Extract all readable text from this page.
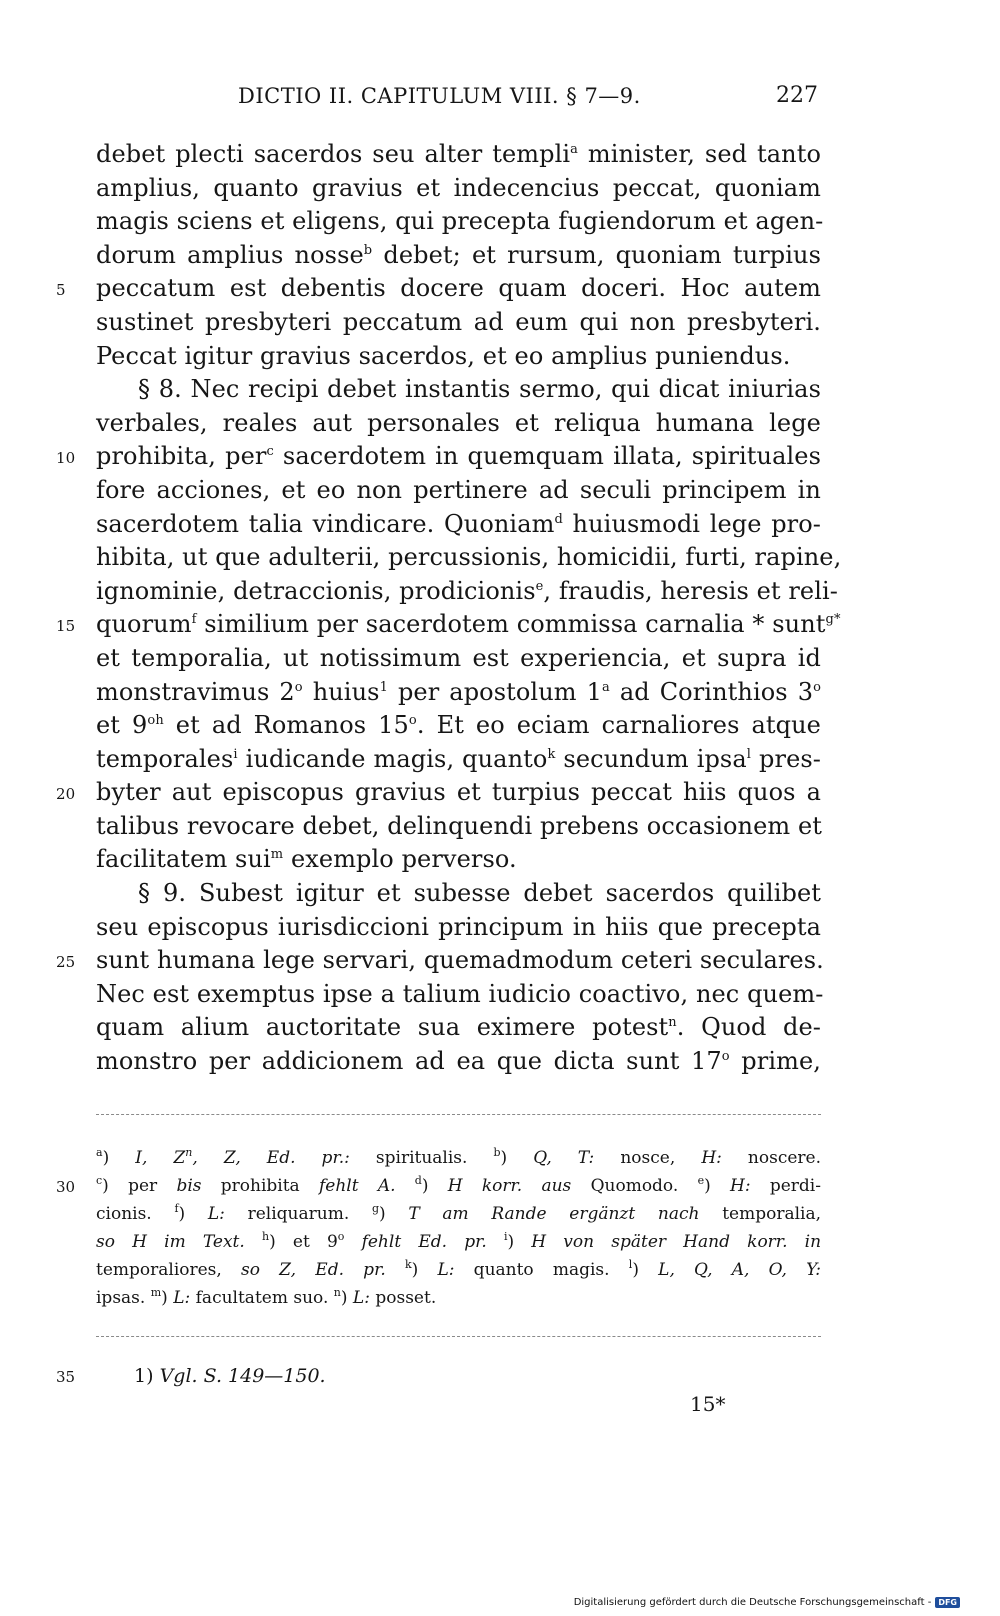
DICTIO II. CAPITULUM VIII. § 7—9.	227
debet plecti sacerdos seu alter templi$^a$ minister, sed tanto
amplius, quanto gravius et indecencius peccat, quoniam
magis sciens et eligens, qui precepta fugiendorum et agen-
dorum amplius nosse$^b$ debet; et rursum, quoniam turpius
peccatum est debentis docere quam doceri. Hoc autem
5
sustinet presbyteri peccatum ad eum qui non presbyteri.
Peccat igitur gravius sacerdos, et eo amplius puniendus.
§ 8. Nec recipi debet instantis sermo, qui dicat iniurias
verbales, reales aut personales et reliqua humana lege
prohibita, per$^c$ sacerdotem in quemquam illata, spirituales
10
fore acciones, et eo non pertinere ad seculi principem in
sacerdotem talia vindicare. Quoniam$^d$ huiusmodi lege pro-
hibita, ut que adulterii, percussionis, homicidii, furti, rapine,
ignominie, detraccionis, prodicionis$^e$, fraudis, heresis et reli-
quorum$^f$ similium per sacerdotem commissa carnalia * sunt$^{g*}$
15
et temporalia, ut notissimum est experiencia, et supra id
monstravimus 2$^o$ huius$^1$ per apostolum 1$^a$ ad Corinthios 3$^o$
et $9^{oh}$ et ad Romanos 15$^o$. Et eo eciam carnaliores atque
temporales$^i$ iudicande magis, quanto$^k$ secundum ipsa$^l$ pres-
byter aut episcopus gravius et turpius peccat hiis quos a
20
talibus revocare debet, delinquendi prebens occasionem et
facilitatem sui$^m$ exemplo perverso.
§ 9. Subest igitur et subesse debet sacerdos quilibet
seu episcopus iurisdiccioni principum in hiis que precepta
sunt humana lege servari, quemadmodum ceteri seculares.
25
Nec est exemptus ipse a talium iudicio coactivo, nec quem-
quam alium auctoritate sua eximere potest$^n$. Quod de-
monstro per addicionem ad ea que dicta sunt 17$^o$ prime,
$^a$) I, $Z^n$, Z, Ed. pr.: spiritualis. $^b$) Q, T: nosce, H: noscere.
30	$^c$) per bis prohibita fehlt A. $^d$) H korr. aus Quomodo. $^e$) H: perdi-
cionis. $^f$) L: reliquarum. $^g$) T am Rande ergänzt nach temporalia,
so H im Text. $^h$) et 9$^o$ fehlt Ed. pr. $^i$) H von später Hand korr. in
temporaliores, so Z, Ed. pr. $^k$) L: quanto magis. $^l$) L, Q, A, O, Y:
ipsas. $^m$) L: facultatem suo. $^n$) L: posset.
35	1) Vgl. S. 149—150.
15*
Digitalisierung gefördert durch die Deutsche Forschungsgemeinschaft - DFG
